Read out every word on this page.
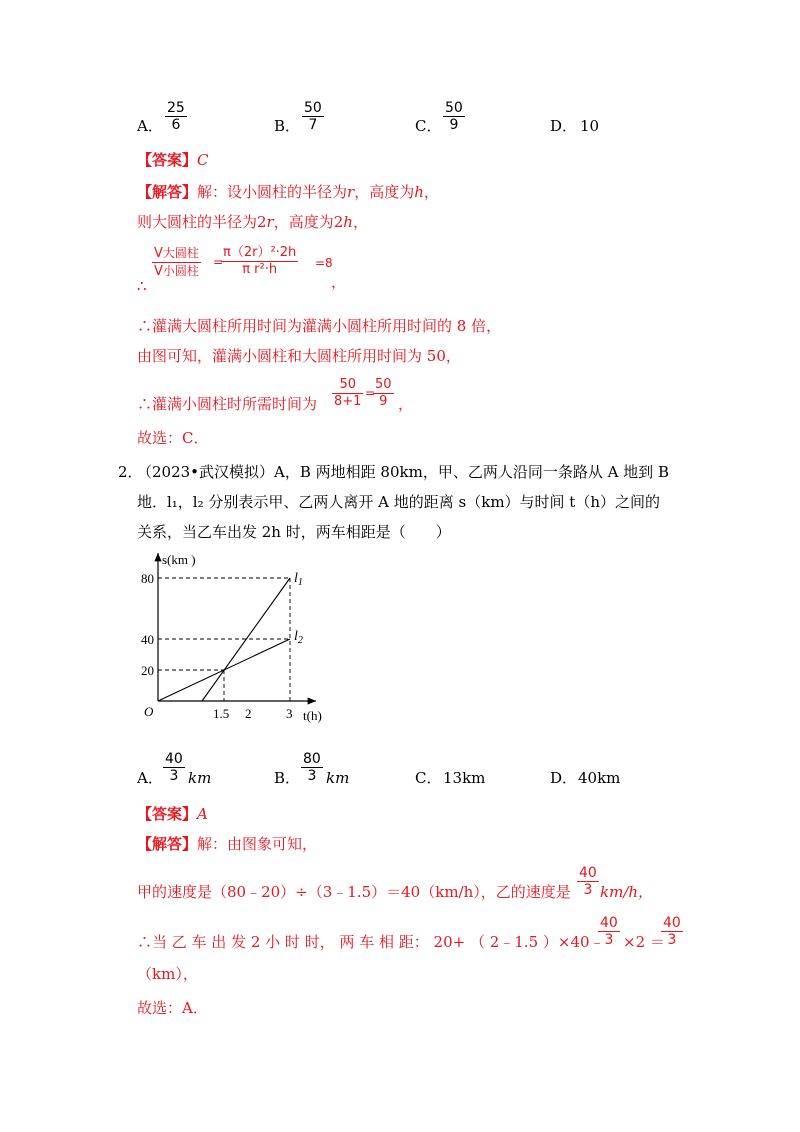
A． $\frac{25}{6}$	B． $\frac{50}{7}$	C． $\frac{50}{9}$	D． 10
【答案】C
【解答】解：设小圆柱的半径为r，高度为h，
则大圆柱的半径为2r，高度为2h，
∴
V大圆柱
V小圆柱
=
$\frac{\text{π（2r）²·2h}}{\text{π r²·h}} =8$
，
∴灌满大圆柱所用时间为灌满小圆柱所用时间的 8 倍，
由图可知，灌满小圆柱和大圆柱所用时间为 50，
∴灌满小圆柱时所需时间为 $\frac{50}{8+1}$ =
$\frac{50}{9}$ ，
故选：C．
2．
（2023•武汉模拟）A，B 两地相距 80km，甲、乙两人沿同一条路从 A 地到 B
地．l₁，l₂ 分别表示甲、乙两人离开 A 地的距离 s（km）与时间 t（h）之间的
关系，当乙车出发 2h 时，两车相距是（　　）
s(km )
t(h)
O
80
40
20
1.5 2	3
$l_1$
$l_2$
A． $\frac{40}{3}$ km	B． $\frac{80}{3}$ km	C． 13km	D． 40km
【答案】A
【解答】解：由图象可知，
甲的速度是（80﹣20）÷（3﹣1.5）＝40（km/h），乙的速度是 $\frac{40}{3} km/h$，
∴当 乙 车 出 发 2 小 时 时， 两 车 相 距： 20+ （ 2﹣1.5 ）×40﹣
$\frac{40}{3} \times 2$ ＝
$\frac{40}{3}$
（km），
故选：A．
